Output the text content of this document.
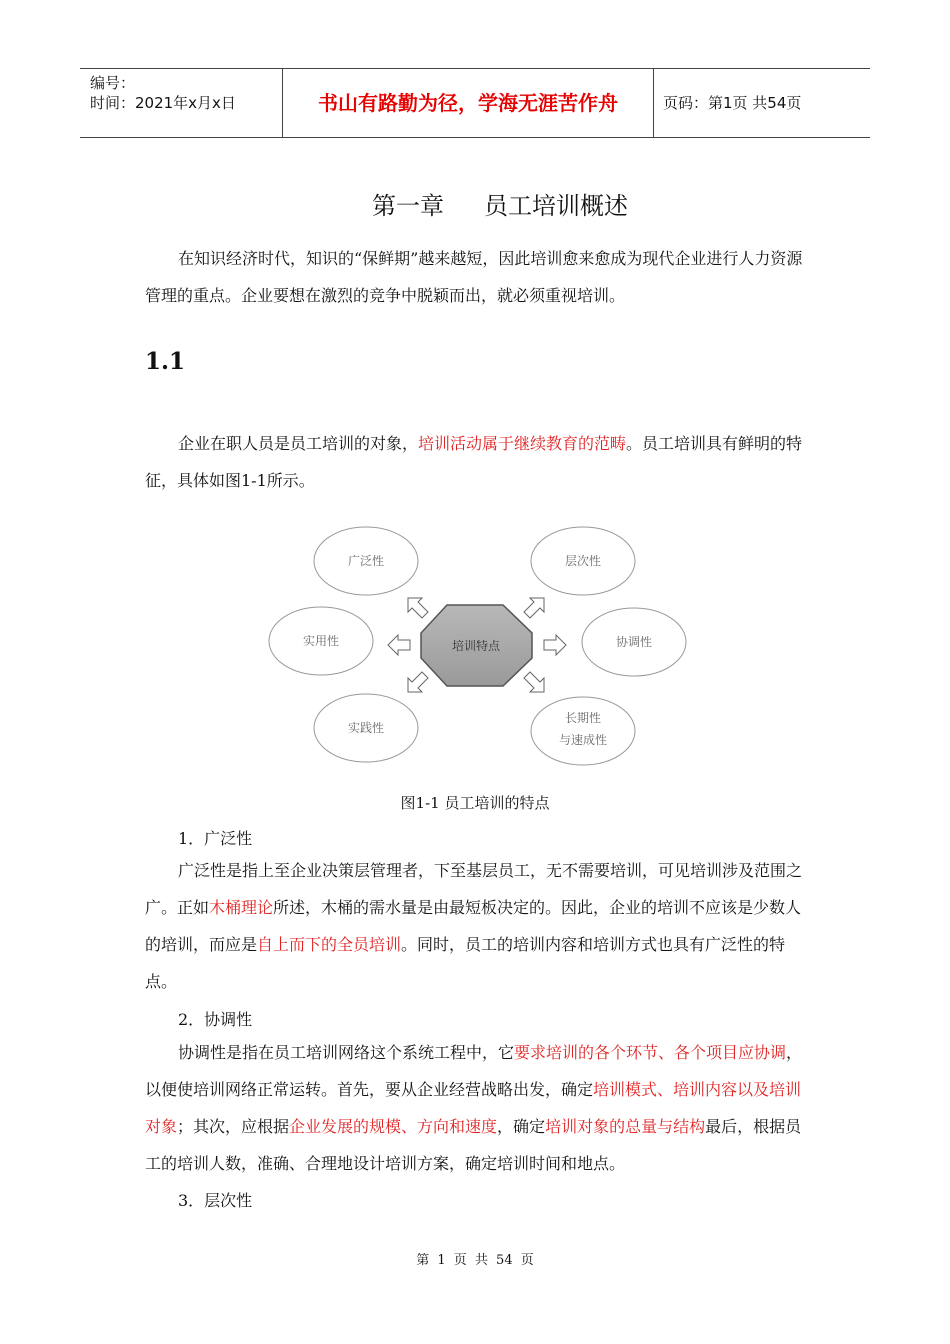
编号：
时间：2021年x月x日	书山有路勤为径，学海无涯苦作舟	页码：第1页 共54页
第一章 员工培训概述
在知识经济时代，知识的“保鲜期”越来越短，因此培训愈来愈成为现代企业进行人力资源管理的重点。企业要想在激烈的竞争中脱颖而出，就必须重视培训。
1.1
企业在职人员是员工培训的对象，培训活动属于继续教育的范畴。员工培训具有鲜明的特征，具体如图1-1所示。
广泛性	层次性
实用性	协调性
实践性
长期性
与速成性
培训特点
图1-1 员工培训的特点
1．广泛性
广泛性是指上至企业决策层管理者，下至基层员工，无不需要培训，可见培训涉及范围之广。正如木桶理论所述，木桶的需水量是由最短板决定的。因此，企业的培训不应该是少数人的培训，而应是自上而下的全员培训。同时，员工的培训内容和培训方式也具有广泛性的特点。
2．协调性
协调性是指在员工培训网络这个系统工程中，它要求培训的各个环节、各个项目应协调，以便使培训网络正常运转。首先，要从企业经营战略出发，确定培训模式、培训内容以及培训对象；其次，应根据企业发展的规模、方向和速度，确定培训对象的总量与结构最后，根据员工的培训人数，准确、合理地设计培训方案，确定培训时间和地点。
3．层次性
第 1 页 共 54 页
